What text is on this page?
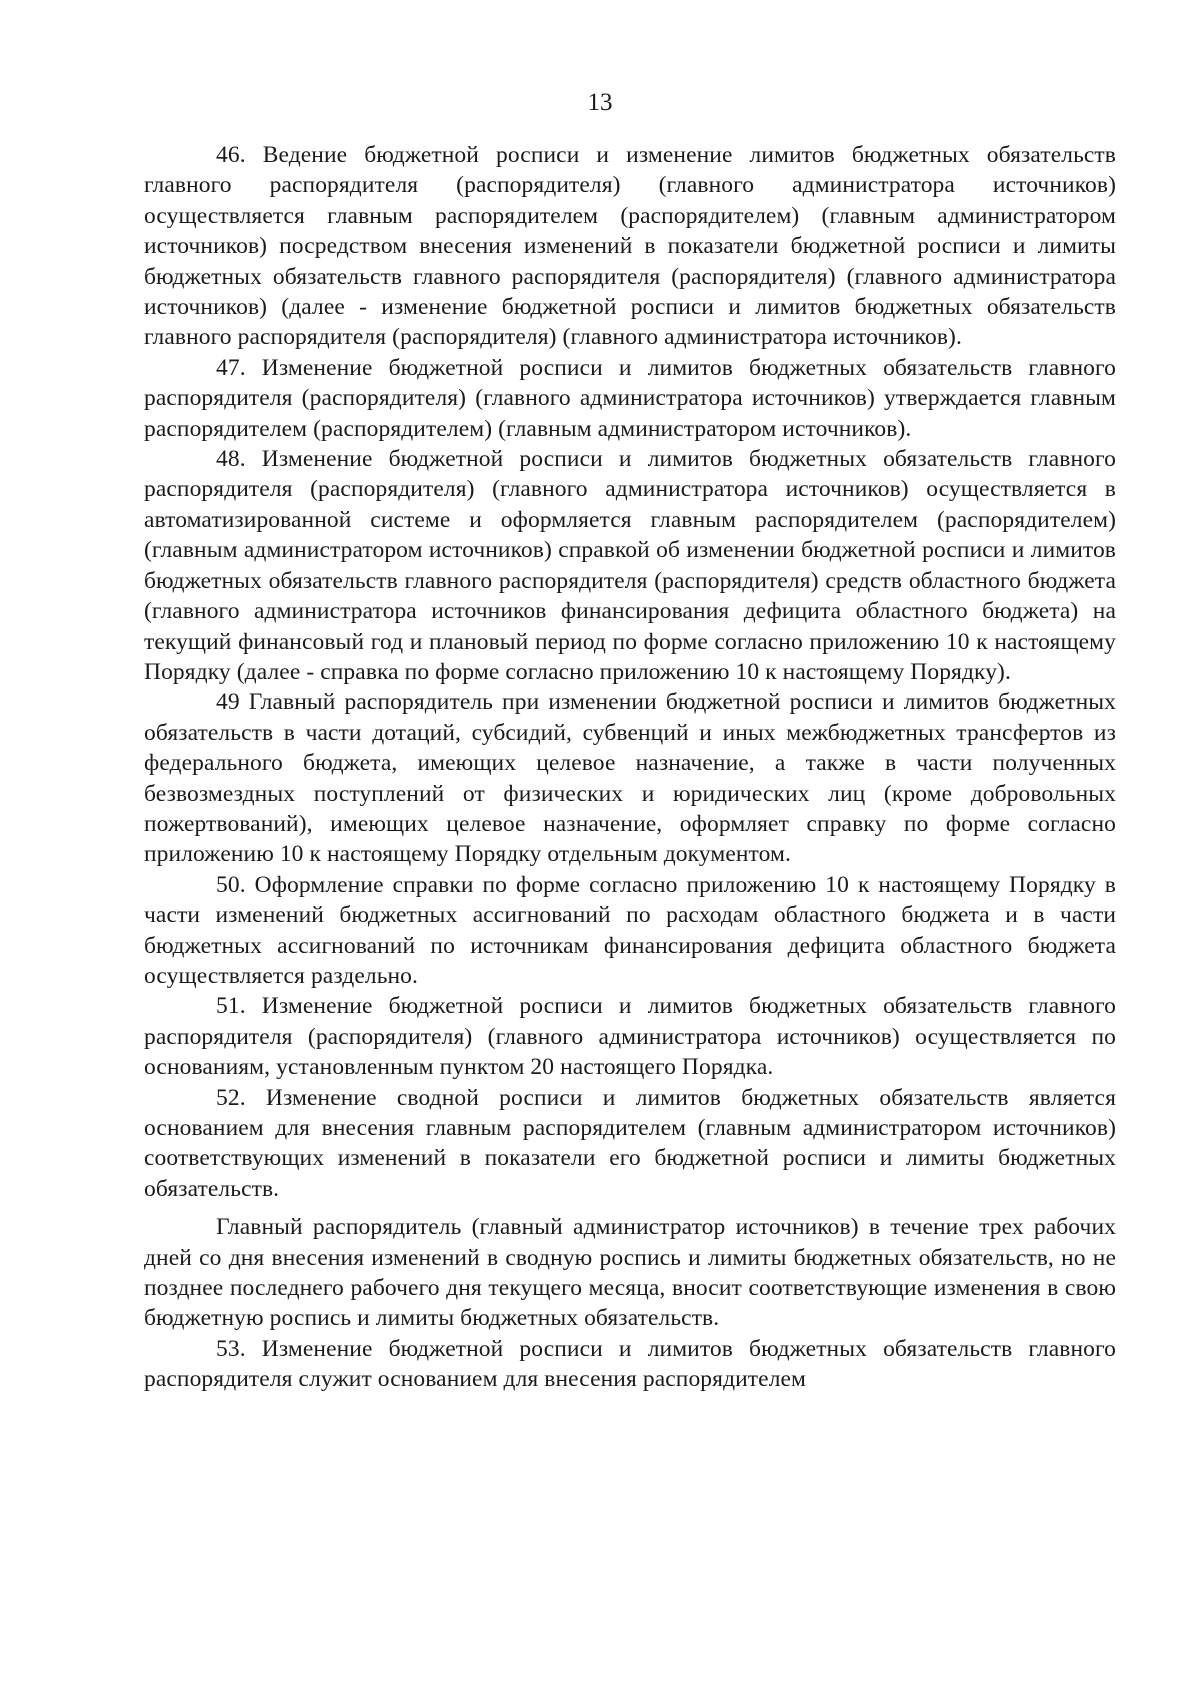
13

46. Ведение бюджетной росписи и изменение лимитов бюджетных обязательств главного распорядителя (распорядителя) (главного администратора источников) осуществляется главным распорядителем (распорядителем) (главным администратором источников) посредством внесения изменений в показатели бюджетной росписи и лимиты бюджетных обязательств главного распорядителя (распорядителя) (главного администратора источников) (далее - изменение бюджетной росписи и лимитов бюджетных обязательств главного распорядителя (распорядителя) (главного администратора источников).

47. Изменение бюджетной росписи и лимитов бюджетных обязательств главного распорядителя (распорядителя) (главного администратора источников) утверждается главным распорядителем (распорядителем) (главным администратором источников).

48. Изменение бюджетной росписи и лимитов бюджетных обязательств главного распорядителя (распорядителя) (главного администратора источников) осуществляется в автоматизированной системе и оформляется главным распорядителем (распорядителем) (главным администратором источников) справкой об изменении бюджетной росписи и лимитов бюджетных обязательств главного распорядителя (распорядителя) средств областного бюджета (главного администратора источников финансирования дефицита областного бюджета) на текущий финансовый год и плановый период по форме согласно приложению 10 к настоящему Порядку (далее - справка по форме согласно приложению 10 к настоящему Порядку).

49 Главный распорядитель при изменении бюджетной росписи и лимитов бюджетных обязательств в части дотаций, субсидий, субвенций и иных межбюджетных трансфертов из федерального бюджета, имеющих целевое назначение, а также в части полученных безвозмездных поступлений от физических и юридических лиц (кроме добровольных пожертвований), имеющих целевое назначение, оформляет справку по форме согласно приложению 10 к настоящему Порядку отдельным документом.

50. Оформление справки по форме согласно приложению 10 к настоящему Порядку в части изменений бюджетных ассигнований по расходам областного бюджета и в части бюджетных ассигнований по источникам финансирования дефицита областного бюджета осуществляется раздельно.

51. Изменение бюджетной росписи и лимитов бюджетных обязательств главного распорядителя (распорядителя) (главного администратора источников) осуществляется по основаниям, установленным пунктом 20 настоящего Порядка.

52. Изменение сводной росписи и лимитов бюджетных обязательств является основанием для внесения главным распорядителем (главным администратором источников) соответствующих изменений в показатели его бюджетной росписи и лимиты бюджетных обязательств.

Главный распорядитель (главный администратор источников) в течение трех рабочих дней со дня внесения изменений в сводную роспись и лимиты бюджетных обязательств, но не позднее последнего рабочего дня текущего месяца, вносит соответствующие изменения в свою бюджетную роспись и лимиты бюджетных обязательств.

53. Изменение бюджетной росписи и лимитов бюджетных обязательств главного распорядителя служит основанием для внесения распорядителем
